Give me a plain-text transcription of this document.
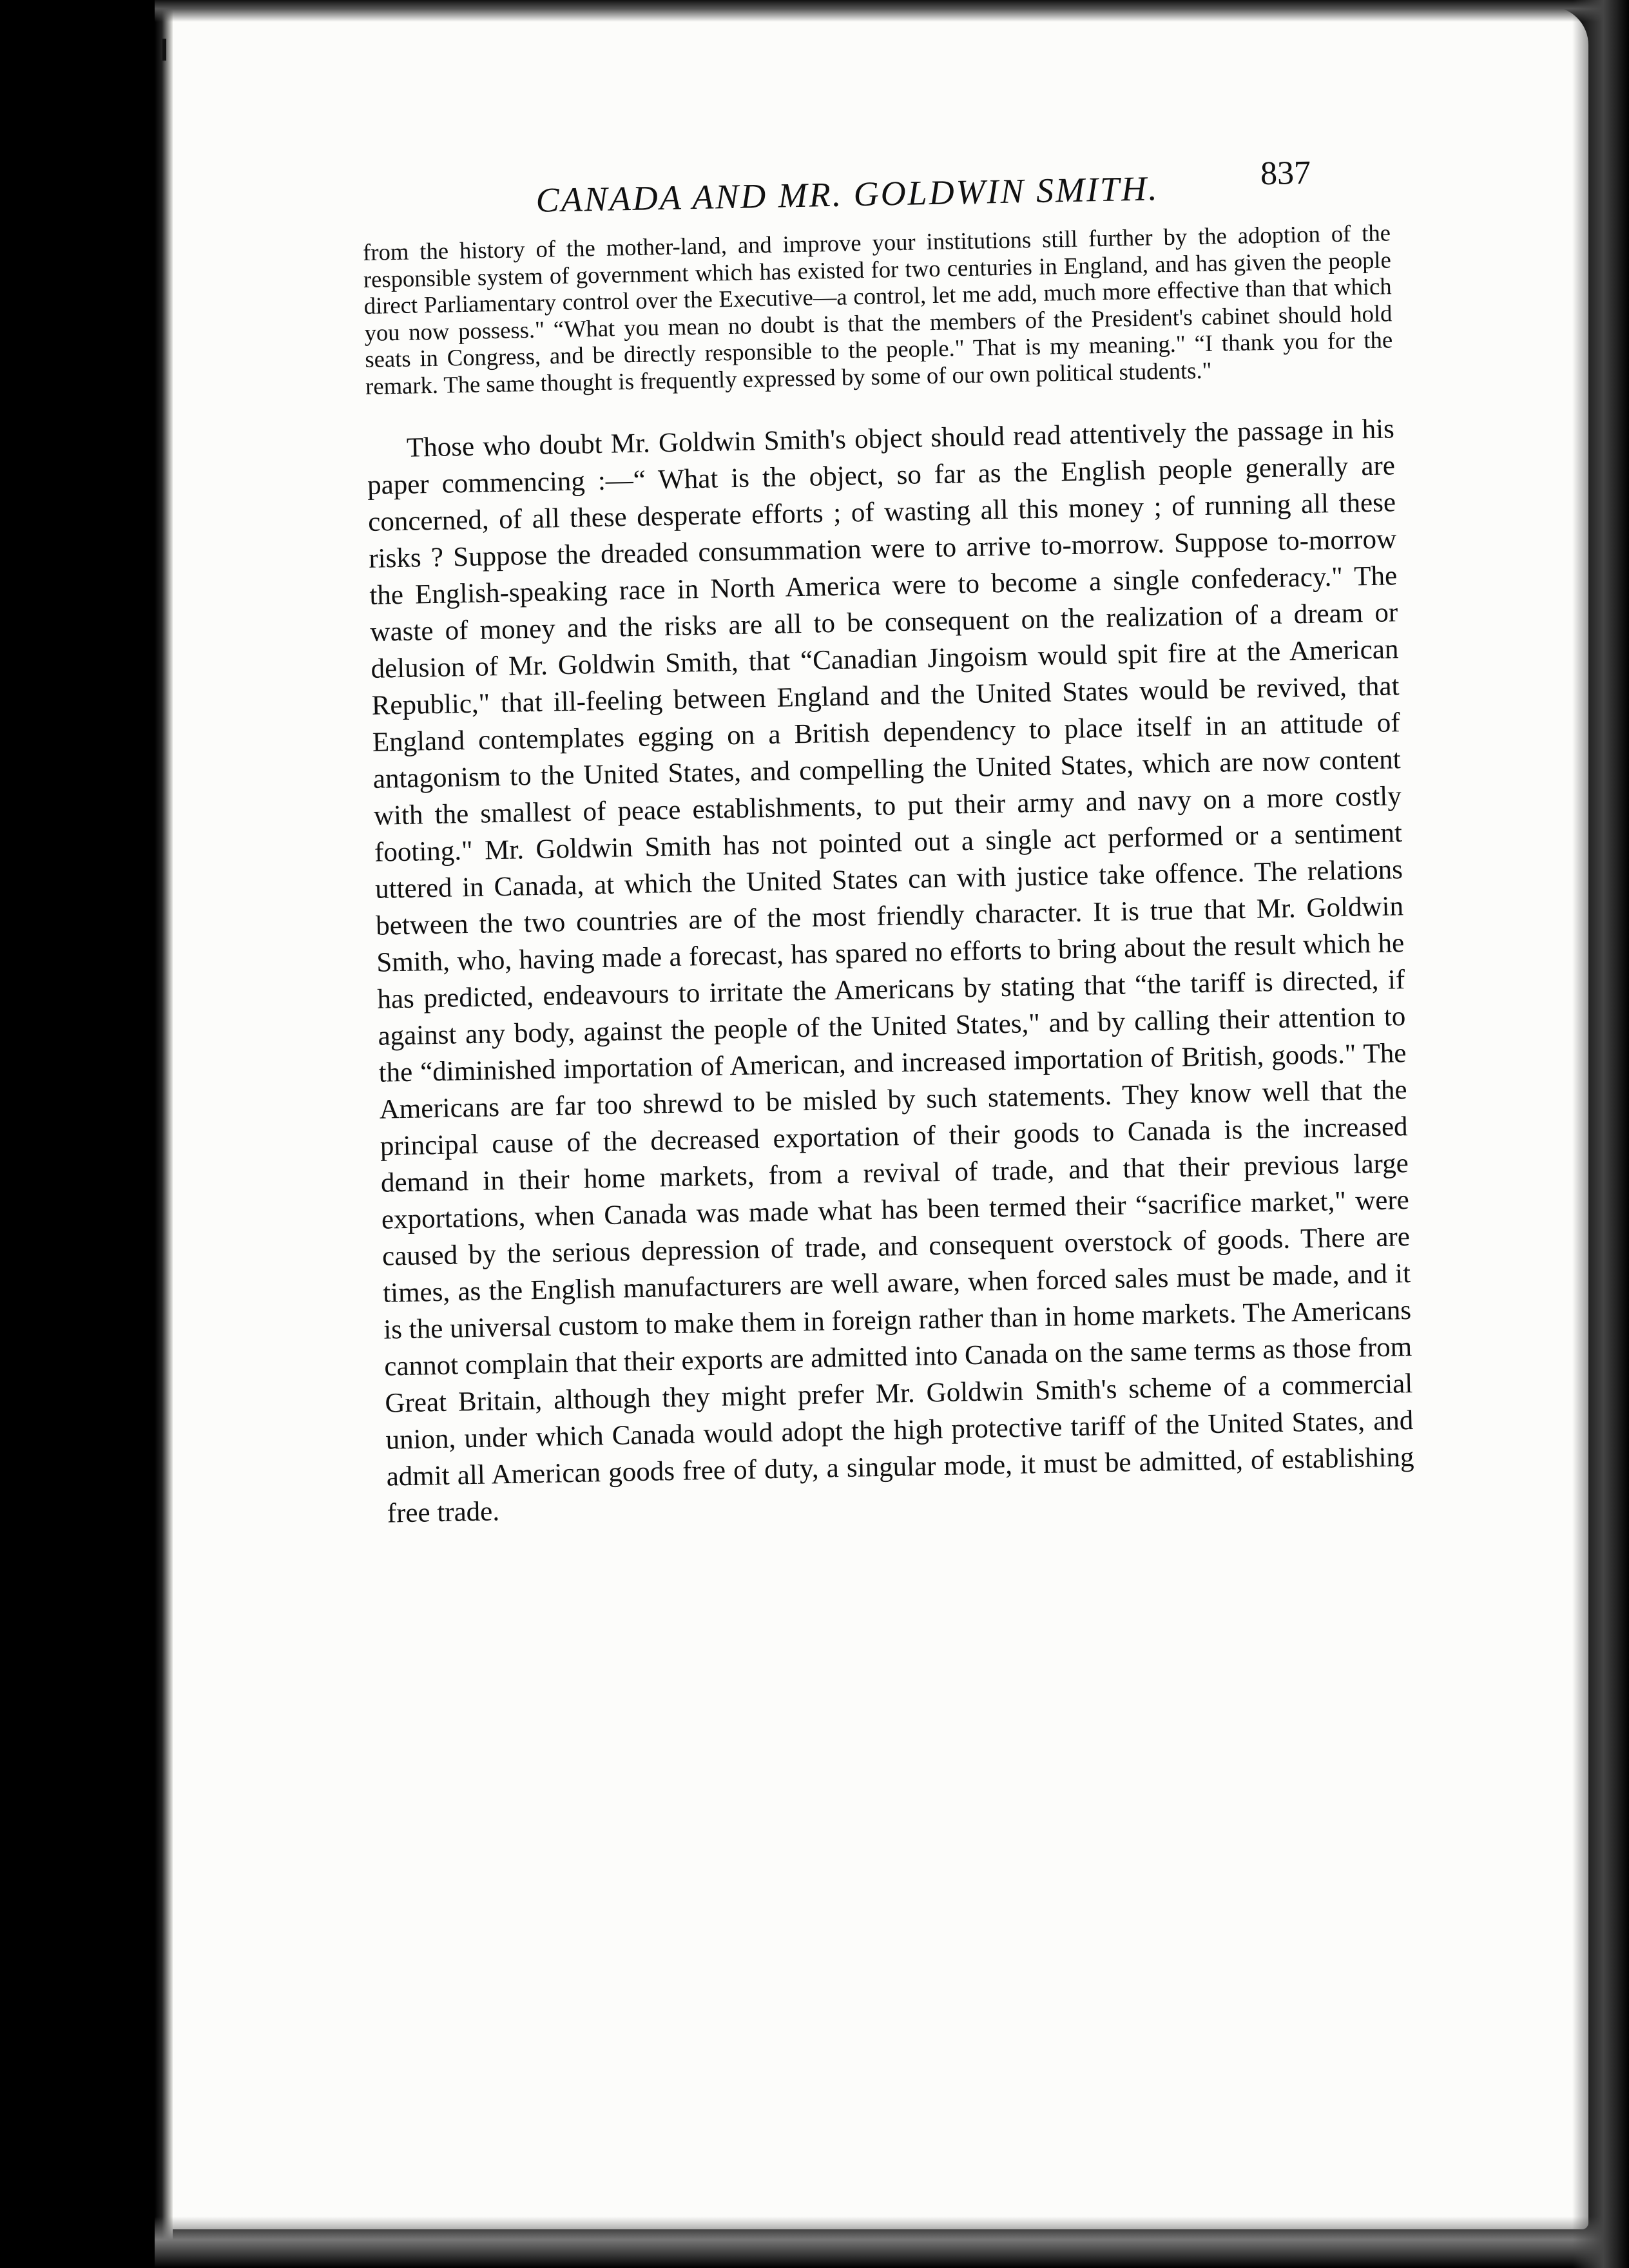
CANADA AND MR. GOLDWIN SMITH.	837

from the history of the mother-land, and improve your institutions still further by the adoption of the responsible system of government which has existed for two centuries in England, and has given the people direct Parliamentary control over the Executive—a control, let me add, much more effective than that which you now possess." “What you mean no doubt is that the members of the President's cabinet should hold seats in Congress, and be directly responsible to the people." That is my meaning." “I thank you for the remark. The same thought is frequently expressed by some of our own political students."

Those who doubt Mr. Goldwin Smith's object should read attentively the passage in his paper commencing :—“ What is the object, so far as the English people generally are concerned, of all these desperate efforts ; of wasting all this money ; of running all these risks ? Suppose the dreaded consummation were to arrive to-morrow. Suppose to-morrow the English-speaking race in North America were to become a single confederacy." The waste of money and the risks are all to be consequent on the realization of a dream or delusion of Mr. Goldwin Smith, that “Canadian Jingoism would spit fire at the American Republic," that ill-feeling between England and the United States would be revived, that England contemplates egging on a British dependency to place itself in an attitude of antagonism to the United States, and compelling the United States, which are now content with the smallest of peace establishments, to put their army and navy on a more costly footing." Mr. Goldwin Smith has not pointed out a single act performed or a sentiment uttered in Canada, at which the United States can with justice take offence. The relations between the two countries are of the most friendly character. It is true that Mr. Goldwin Smith, who, having made a forecast, has spared no efforts to bring about the result which he has predicted, endeavours to irritate the Americans by stating that “the tariff is directed, if against any body, against the people of the United States," and by calling their attention to the “diminished importation of American, and increased importation of British, goods." The Americans are far too shrewd to be misled by such statements. They know well that the principal cause of the decreased exportation of their goods to Canada is the increased demand in their home markets, from a revival of trade, and that their previous large exportations, when Canada was made what has been termed their “sacrifice market," were caused by the serious depression of trade, and consequent overstock of goods. There are times, as the English manufacturers are well aware, when forced sales must be made, and it is the universal custom to make them in foreign rather than in home markets. The Americans cannot complain that their exports are admitted into Canada on the same terms as those from Great Britain, although they might prefer Mr. Goldwin Smith's scheme of a commercial union, under which Canada would adopt the high protective tariff of the United States, and admit all American goods free of duty, a singular mode, it must be admitted, of establishing free trade.
